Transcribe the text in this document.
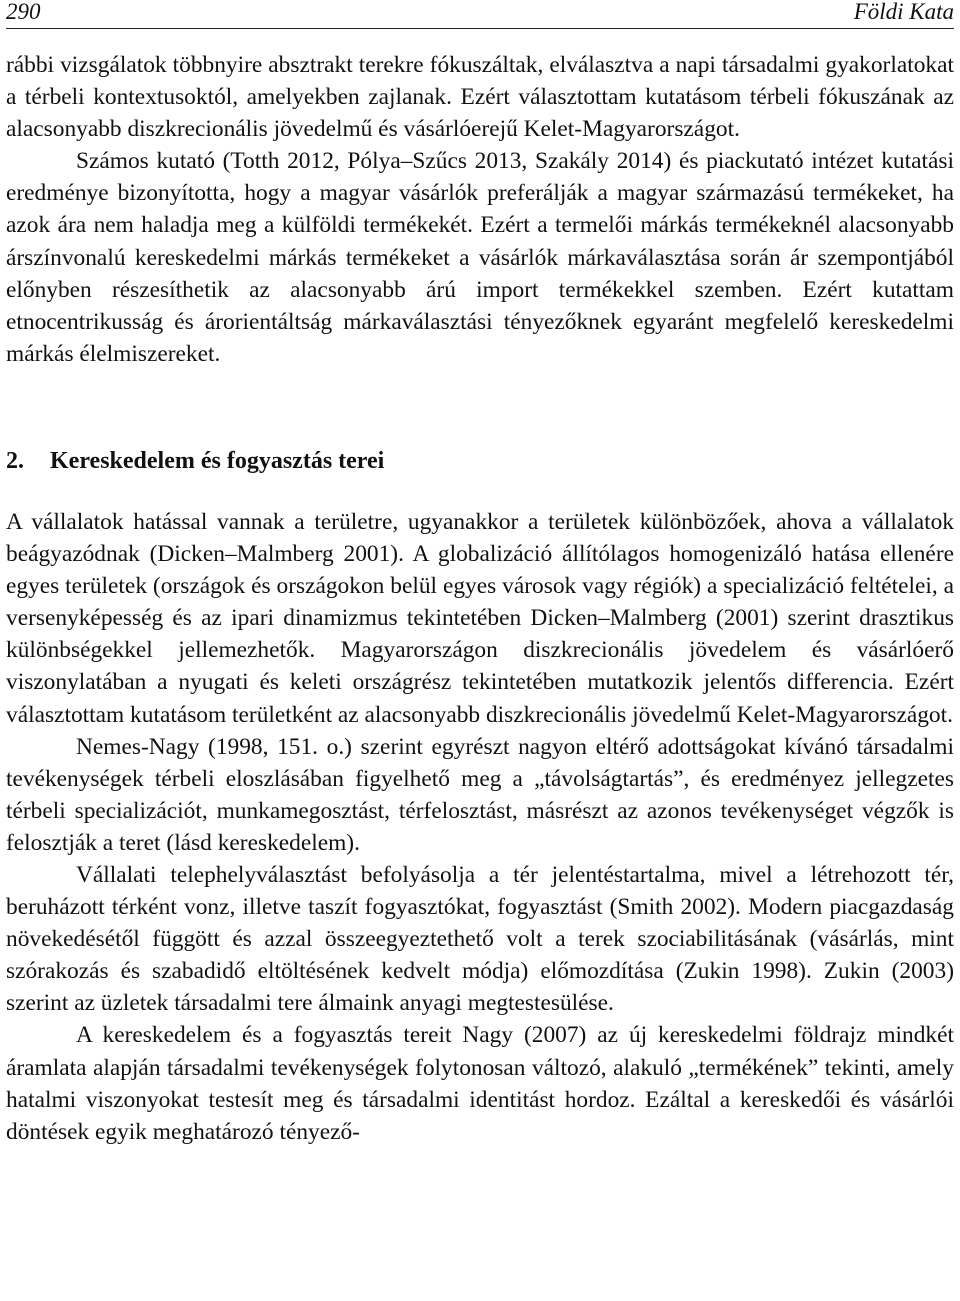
290	Földi Kata

rábbi vizsgálatok többnyire absztrakt terekre fókuszáltak, elválasztva a napi társadalmi gyakorlatokat a térbeli kontextusoktól, amelyekben zajlanak. Ezért választottam kutatásom térbeli fókuszának az alacsonyabb diszkrecionális jövedelmű és vásárlóerejű Kelet-Magyarországot.

Számos kutató (Totth 2012, Pólya–Szűcs 2013, Szakály 2014) és piackutató intézet kutatási eredménye bizonyította, hogy a magyar vásárlók preferálják a magyar származású termékeket, ha azok ára nem haladja meg a külföldi termékekét. Ezért a termelői márkás termékeknél alacsonyabb árszínvonalú kereskedelmi márkás termékeket a vásárlók márkaválasztása során ár szempontjából előnyben részesíthetik az alacsonyabb árú import termékekkel szemben. Ezért kutattam etnocentrikusság és árorientáltság márkaválasztási tényezőknek egyaránt megfelelő kereskedelmi márkás élelmiszereket.

2. Kereskedelem és fogyasztás terei

A vállalatok hatással vannak a területre, ugyanakkor a területek különbözőek, ahova a vállalatok beágyazódnak (Dicken–Malmberg 2001). A globalizáció állítólagos homogenizáló hatása ellenére egyes területek (országok és országokon belül egyes városok vagy régiók) a specializáció feltételei, a versenyképesség és az ipari dinamizmus tekintetében Dicken–Malmberg (2001) szerint drasztikus különbségekkel jellemezhetők. Magyarországon diszkrecionális jövedelem és vásárlóerő viszonylatában a nyugati és keleti országrész tekintetében mutatkozik jelentős differencia. Ezért választottam kutatásom területként az alacsonyabb diszkrecionális jövedelmű Kelet-Magyarországot.

Nemes-Nagy (1998, 151. o.) szerint egyrészt nagyon eltérő adottságokat kívánó társadalmi tevékenységek térbeli eloszlásában figyelhető meg a „távolságtartás”, és eredményez jellegzetes térbeli specializációt, munkamegosztást, térfelosztást, másrészt az azonos tevékenységet végzők is felosztják a teret (lásd kereskedelem).

Vállalati telephelyválasztást befolyásolja a tér jelentéstartalma, mivel a létrehozott tér, beruházott térként vonz, illetve taszít fogyasztókat, fogyasztást (Smith 2002). Modern piacgazdaság növekedésétől függött és azzal összeegyeztethető volt a terek szociabilitásának (vásárlás, mint szórakozás és szabadidő eltöltésének kedvelt módja) előmozdítása (Zukin 1998). Zukin (2003) szerint az üzletek társadalmi tere álmaink anyagi megtestesülése.

A kereskedelem és a fogyasztás tereit Nagy (2007) az új kereskedelmi földrajz mindkét áramlata alapján társadalmi tevékenységek folytonosan változó, alakuló „termékének” tekinti, amely hatalmi viszonyokat testesít meg és társadalmi identitást hordoz. Ezáltal a kereskedői és vásárlói döntések egyik meghatározó tényező-
